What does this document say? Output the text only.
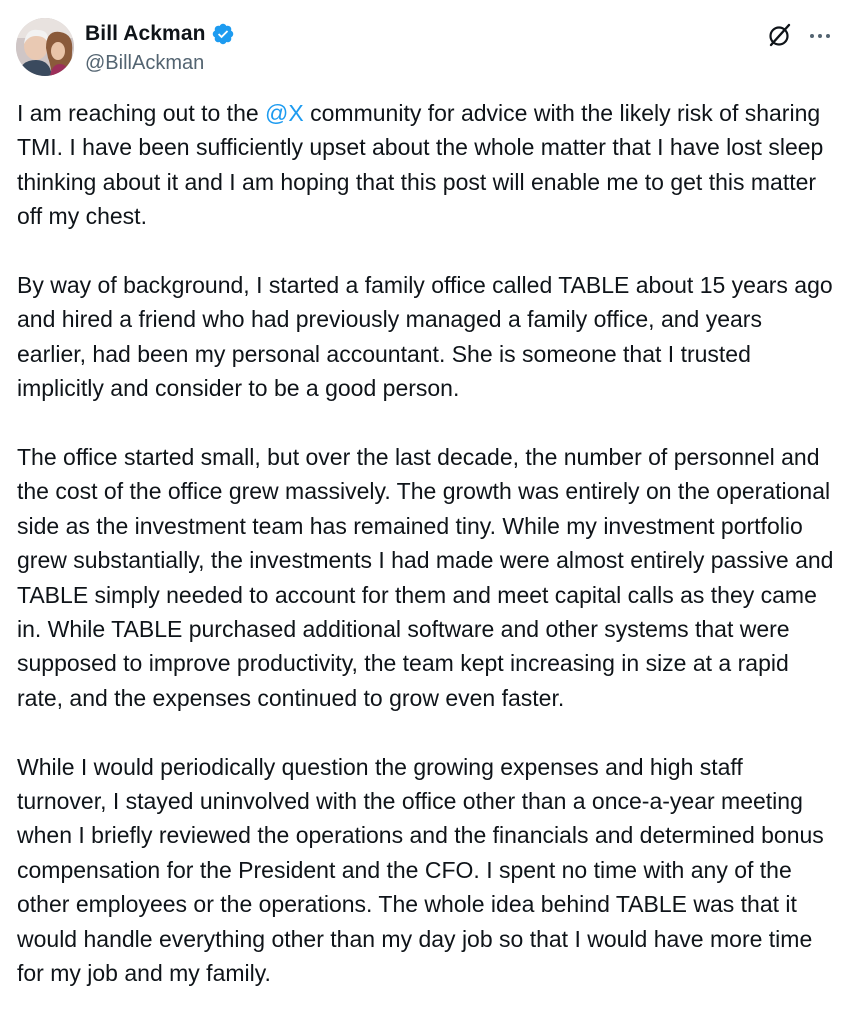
Bill Ackman
@BillAckman

I am reaching out to the @X community for advice with the likely risk of sharing TMI. I have been sufficiently upset about the whole matter that I have lost sleep thinking about it and I am hoping that this post will enable me to get this matter off my chest.

By way of background, I started a family office called TABLE about 15 years ago and hired a friend who had previously managed a family office, and years earlier, had been my personal accountant. She is someone that I trusted implicitly and consider to be a good person.

The office started small, but over the last decade, the number of personnel and the cost of the office grew massively. The growth was entirely on the operational side as the investment team has remained tiny. While my investment portfolio grew substantially, the investments I had made were almost entirely passive and TABLE simply needed to account for them and meet capital calls as they came in. While TABLE purchased additional software and other systems that were supposed to improve productivity, the team kept increasing in size at a rapid rate, and the expenses continued to grow even faster.

While I would periodically question the growing expenses and high staff turnover, I stayed uninvolved with the office other than a once-a-year meeting when I briefly reviewed the operations and the financials and determined bonus compensation for the President and the CFO. I spent no time with any of the other employees or the operations. The whole idea behind TABLE was that it would handle everything other than my day job so that I would have more time for my job and my family.
